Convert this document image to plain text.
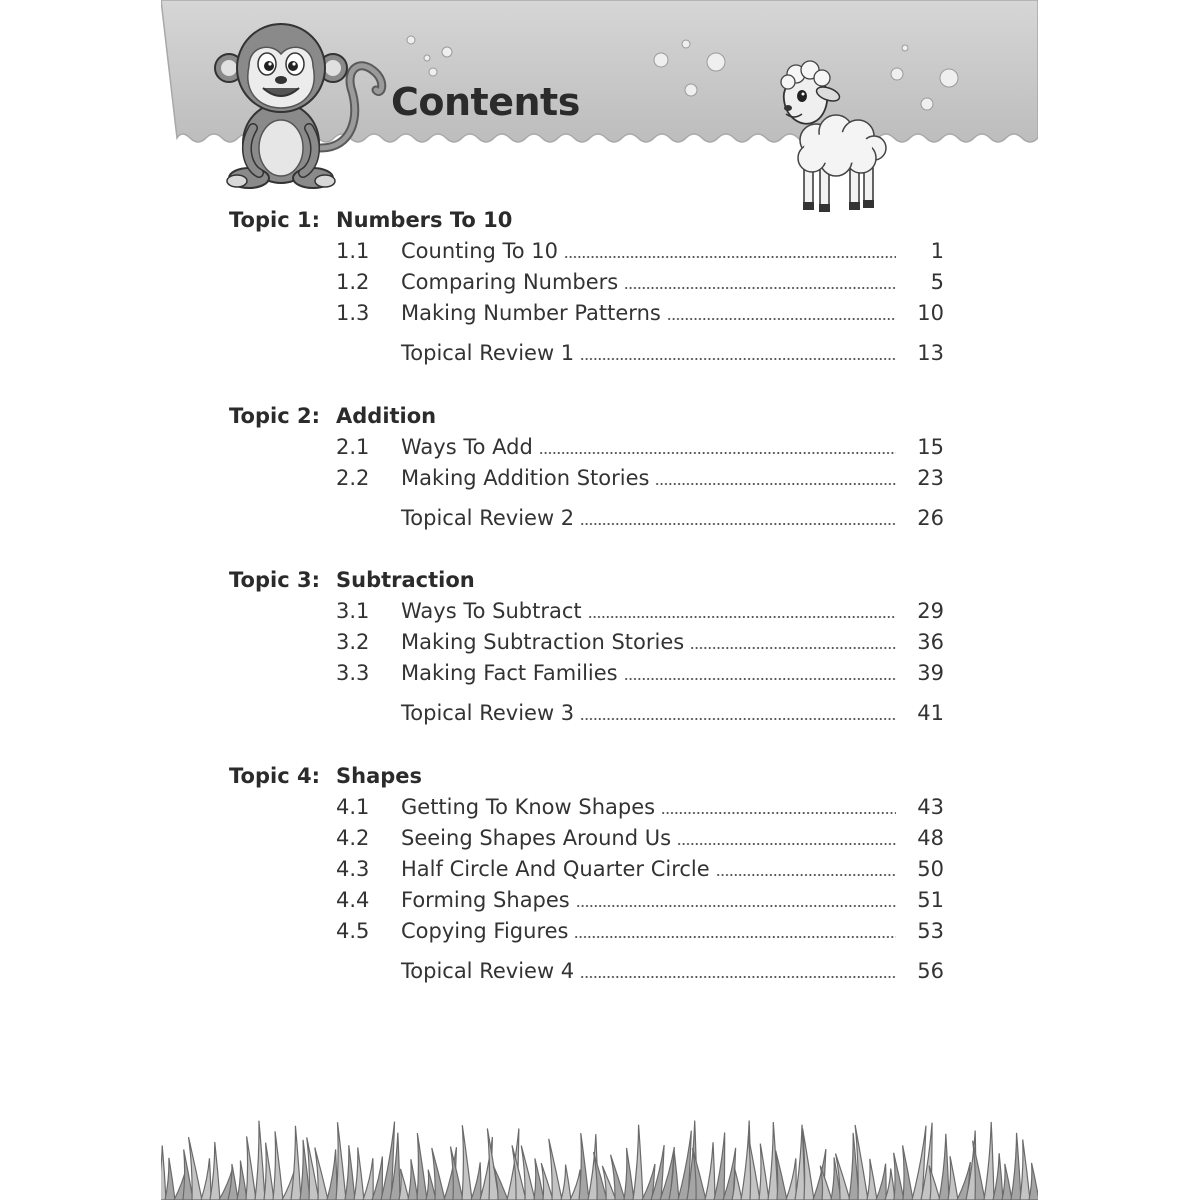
Contents
Topic 1: Numbers To 10
1.1 Counting To 10	1
1.2 Comparing Numbers	5
1.3 Making Number Patterns	10
Topical Review 1	13
Topic 2: Addition
2.1 Ways To Add	15
2.2 Making Addition Stories	23
Topical Review 2	26
Topic 3: Subtraction
3.1 Ways To Subtract	29
3.2 Making Subtraction Stories	36
3.3 Making Fact Families	39
Topical Review 3	41
Topic 4: Shapes
4.1 Getting To Know Shapes	43
4.2 Seeing Shapes Around Us	48
4.3 Half Circle And Quarter Circle	50
4.4 Forming Shapes	51
4.5 Copying Figures	53
Topical Review 4	56
